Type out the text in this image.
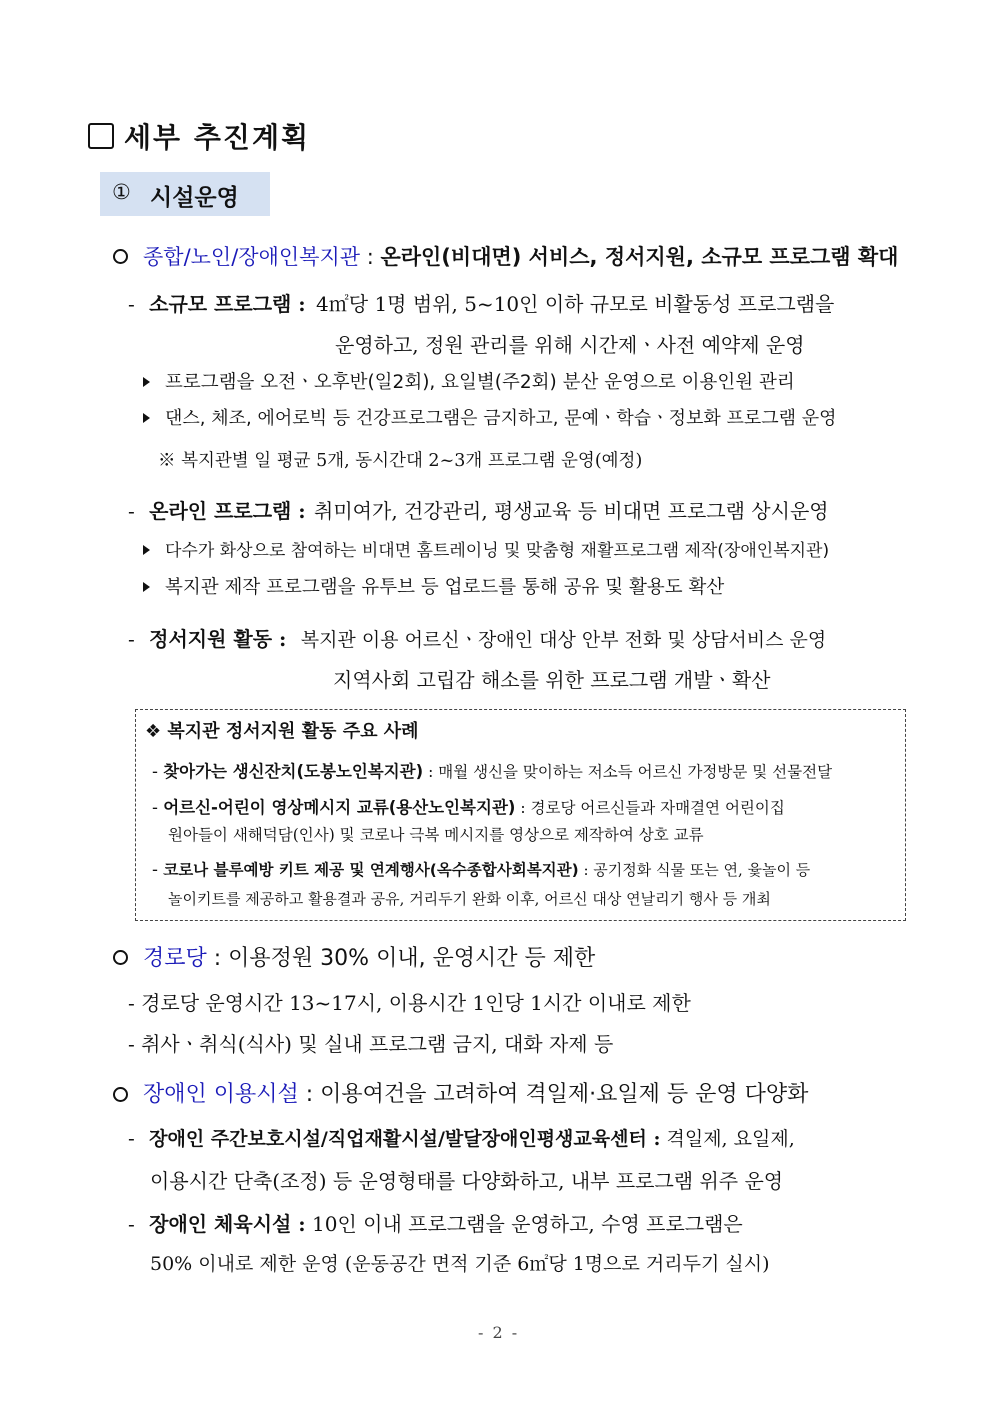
세부 추진계획
① 시설운영
종합/노인/장애인복지관 : 온라인(비대면) 서비스, 정서지원, 소규모 프로그램 확대
- 소규모 프로그램 : 4㎡당 1명 범위, 5~10인 이하 규모로 비활동성 프로그램을
운영하고, 정원 관리를 위해 시간제ㆍ사전 예약제 운영
프로그램을 오전ㆍ오후반(일2회), 요일별(주2회) 분산 운영으로 이용인원 관리
댄스, 체조, 에어로빅 등 건강프로그램은 금지하고, 문예ㆍ학습ㆍ정보화 프로그램 운영
※ 복지관별 일 평균 5개, 동시간대 2~3개 프로그램 운영(예정)
- 온라인 프로그램 : 취미여가, 건강관리, 평생교육 등 비대면 프로그램 상시운영
다수가 화상으로 참여하는 비대면 홈트레이닝 및 맞춤형 재활프로그램 제작(장애인복지관)
복지관 제작 프로그램을 유투브 등 업로드를 통해 공유 및 활용도 확산
- 정서지원 활동 : 복지관 이용 어르신ㆍ장애인 대상 안부 전화 및 상담서비스 운영
지역사회 고립감 해소를 위한 프로그램 개발ㆍ확산
❖ 복지관 정서지원 활동 주요 사례
- 찾아가는 생신잔치(도봉노인복지관) : 매월 생신을 맞이하는 저소득 어르신 가정방문 및 선물전달
- 어르신-어린이 영상메시지 교류(용산노인복지관) : 경로당 어르신들과 자매결연 어린이집
원아들이 새해덕담(인사) 및 코로나 극복 메시지를 영상으로 제작하여 상호 교류
- 코로나 블루예방 키트 제공 및 연계행사(옥수종합사회복지관) : 공기정화 식물 또는 연, 윷놀이 등
놀이키트를 제공하고 활용결과 공유, 거리두기 완화 이후, 어르신 대상 연날리기 행사 등 개최
경로당 : 이용정원 30% 이내, 운영시간 등 제한
- 경로당 운영시간 13~17시, 이용시간 1인당 1시간 이내로 제한
- 취사ㆍ취식(식사) 및 실내 프로그램 금지, 대화 자제 등
장애인 이용시설 : 이용여건을 고려하여 격일제·요일제 등 운영 다양화
- 장애인 주간보호시설/직업재활시설/발달장애인평생교육센터 : 격일제, 요일제,
이용시간 단축(조정) 등 운영형태를 다양화하고, 내부 프로그램 위주 운영
- 장애인 체육시설 : 10인 이내 프로그램을 운영하고, 수영 프로그램은
50% 이내로 제한 운영 (운동공간 면적 기준 6㎡당 1명으로 거리두기 실시)
- 2 -
